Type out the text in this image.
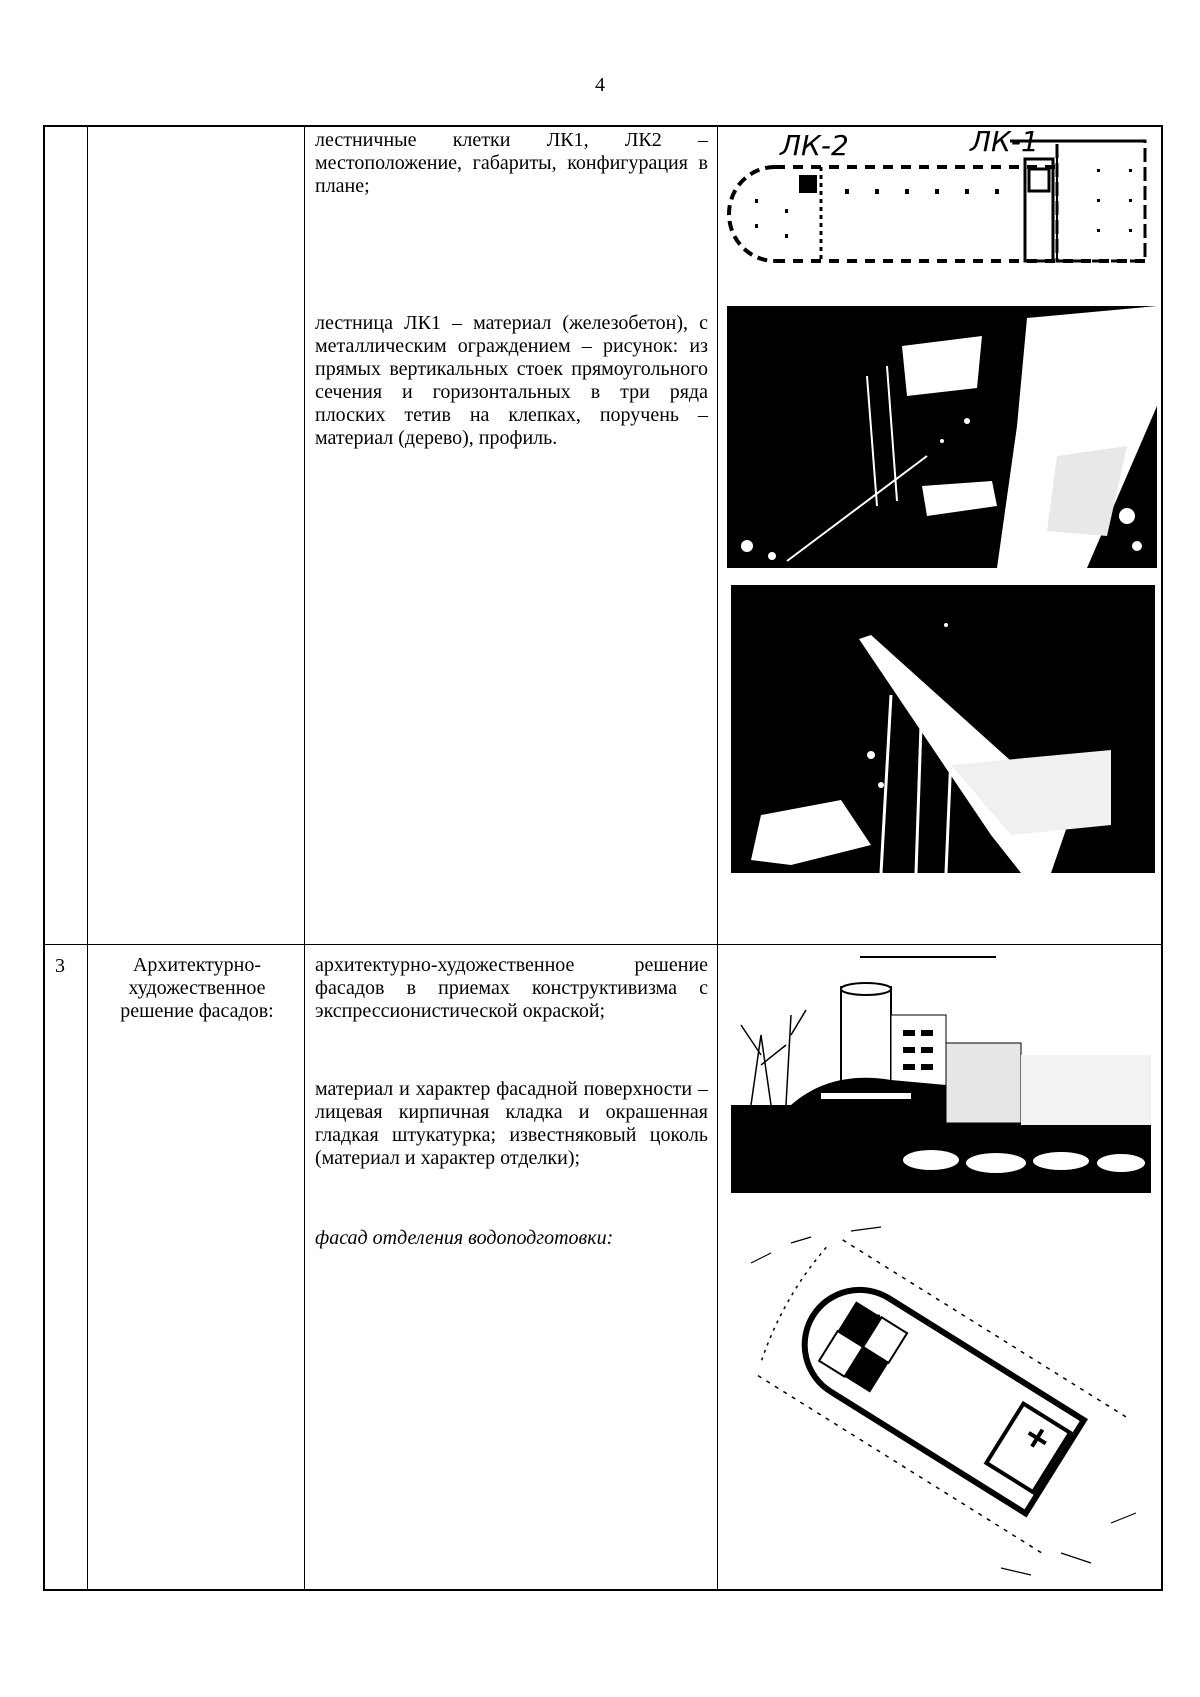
4
лестничные клетки ЛК1, ЛК2 – местоположение, габариты, конфигурация в плане;
лестница ЛК1 – материал (железобетон), с металлическим ограждением – рисунок: из прямых вертикальных стоек прямоугольного сечения и горизонтальных в три ряда плоских тетив на клепках, поручень – материал (дерево), профиль.
ЛК-2	ЛК-1
3	Архитектурно-художественное решение фасадов:
архитектурно-художественное решение фасадов в приемах конструктивизма с экспрессионистической окраской;
материал и характер фасадной поверхности – лицевая кирпичная кладка и окрашенная гладкая штукатурка; известняковый цоколь (материал и характер отделки);
фасад отделения водоподготовки:
